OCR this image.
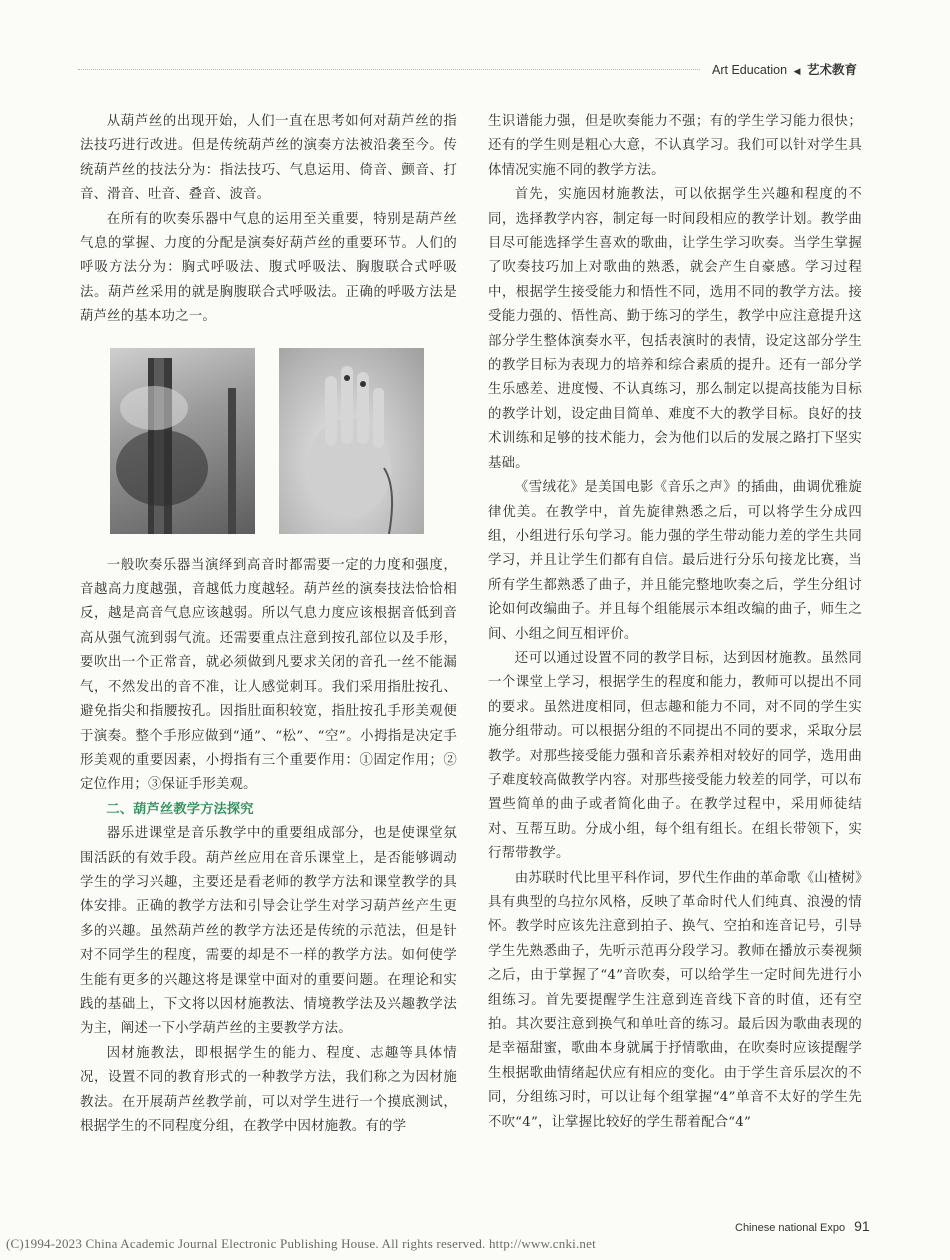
Art Education ◀ 艺术教育

从葫芦丝的出现开始，人们一直在思考如何对葫芦丝的指法技巧进行改进。但是传统葫芦丝的演奏方法被沿袭至今。传统葫芦丝的技法分为：指法技巧、气息运用、倚音、颤音、打音、滑音、吐音、叠音、波音。

在所有的吹奏乐器中气息的运用至关重要，特别是葫芦丝气息的掌握、力度的分配是演奏好葫芦丝的重要环节。人们的呼吸方法分为：胸式呼吸法、腹式呼吸法、胸腹联合式呼吸法。葫芦丝采用的就是胸腹联合式呼吸法。正确的呼吸方法是葫芦丝的基本功之一。

一般吹奏乐器当演绎到高音时都需要一定的力度和强度，音越高力度越强，音越低力度越轻。葫芦丝的演奏技法恰恰相反，越是高音气息应该越弱。所以气息力度应该根据音低到音高从强气流到弱气流。还需要重点注意到按孔部位以及手形，要吹出一个正常音，就必须做到凡要求关闭的音孔一丝不能漏气，不然发出的音不准，让人感觉刺耳。我们采用指肚按孔、避免指尖和指腰按孔。因指肚面积较宽，指肚按孔手形美观便于演奏。整个手形应做到“通”、“松”、“空”。小拇指是决定手形美观的重要因素，小拇指有三个重要作用：①固定作用；②定位作用；③保证手形美观。

二、葫芦丝教学方法探究

器乐进课堂是音乐教学中的重要组成部分，也是使课堂氛围活跃的有效手段。葫芦丝应用在音乐课堂上，是否能够调动学生的学习兴趣，主要还是看老师的教学方法和课堂教学的具体安排。正确的教学方法和引导会让学生对学习葫芦丝产生更多的兴趣。虽然葫芦丝的教学方法还是传统的示范法，但是针对不同学生的程度，需要的却是不一样的教学方法。如何使学生能有更多的兴趣这将是课堂中面对的重要问题。在理论和实践的基础上，下文将以因材施教法、情境教学法及兴趣教学法为主，阐述一下小学葫芦丝的主要教学方法。

因材施教法，即根据学生的能力、程度、志趣等具体情况，设置不同的教育形式的一种教学方法，我们称之为因材施教法。在开展葫芦丝教学前，可以对学生进行一个摸底测试，根据学生的不同程度分组，在教学中因材施教。有的学

生识谱能力强，但是吹奏能力不强；有的学生学习能力很快；还有的学生则是粗心大意，不认真学习。我们可以针对学生具体情况实施不同的教学方法。

首先，实施因材施教法，可以依据学生兴趣和程度的不同，选择教学内容，制定每一时间段相应的教学计划。教学曲目尽可能选择学生喜欢的歌曲，让学生学习吹奏。当学生掌握了吹奏技巧加上对歌曲的熟悉，就会产生自豪感。学习过程中，根据学生接受能力和悟性不同，选用不同的教学方法。接受能力强的、悟性高、勤于练习的学生，教学中应注意提升这部分学生整体演奏水平，包括表演时的表情，设定这部分学生的教学目标为表现力的培养和综合素质的提升。还有一部分学生乐感差、进度慢、不认真练习，那么制定以提高技能为目标的教学计划，设定曲目简单、难度不大的教学目标。良好的技术训练和足够的技术能力，会为他们以后的发展之路打下坚实基础。

《雪绒花》是美国电影《音乐之声》的插曲，曲调优雅旋律优美。在教学中，首先旋律熟悉之后，可以将学生分成四组，小组进行乐句学习。能力强的学生带动能力差的学生共同学习，并且让学生们都有自信。最后进行分乐句接龙比赛，当所有学生都熟悉了曲子，并且能完整地吹奏之后，学生分组讨论如何改编曲子。并且每个组能展示本组改编的曲子，师生之间、小组之间互相评价。

还可以通过设置不同的教学目标，达到因材施教。虽然同一个课堂上学习，根据学生的程度和能力，教师可以提出不同的要求。虽然进度相同，但志趣和能力不同，对不同的学生实施分组带动。可以根据分组的不同提出不同的要求，采取分层教学。对那些接受能力强和音乐素养相对较好的同学，选用曲子难度较高做教学内容。对那些接受能力较差的同学，可以布置些简单的曲子或者简化曲子。在教学过程中，采用师徒结对、互帮互助。分成小组，每个组有组长。在组长带领下，实行帮带教学。

由苏联时代比里平科作词，罗代生作曲的革命歌《山楂树》具有典型的乌拉尔风格，反映了革命时代人们纯真、浪漫的情怀。教学时应该先注意到拍子、换气、空拍和连音记号，引导学生先熟悉曲子，先听示范再分段学习。教师在播放示奏视频之后，由于掌握了“4”音吹奏，可以给学生一定时间先进行小组练习。首先要提醒学生注意到连音线下音的时值，还有空拍。其次要注意到换气和单吐音的练习。最后因为歌曲表现的是幸福甜蜜，歌曲本身就属于抒情歌曲，在吹奏时应该提醒学生根据歌曲情绪起伏应有相应的变化。由于学生音乐层次的不同，分组练习时，可以让每个组掌握“4”单音不太好的学生先不吹“4”，让掌握比较好的学生帮着配合“4”

Chinese national Expo 91
(C)1994-2023 China Academic Journal Electronic Publishing House. All rights reserved. http://www.cnki.net
